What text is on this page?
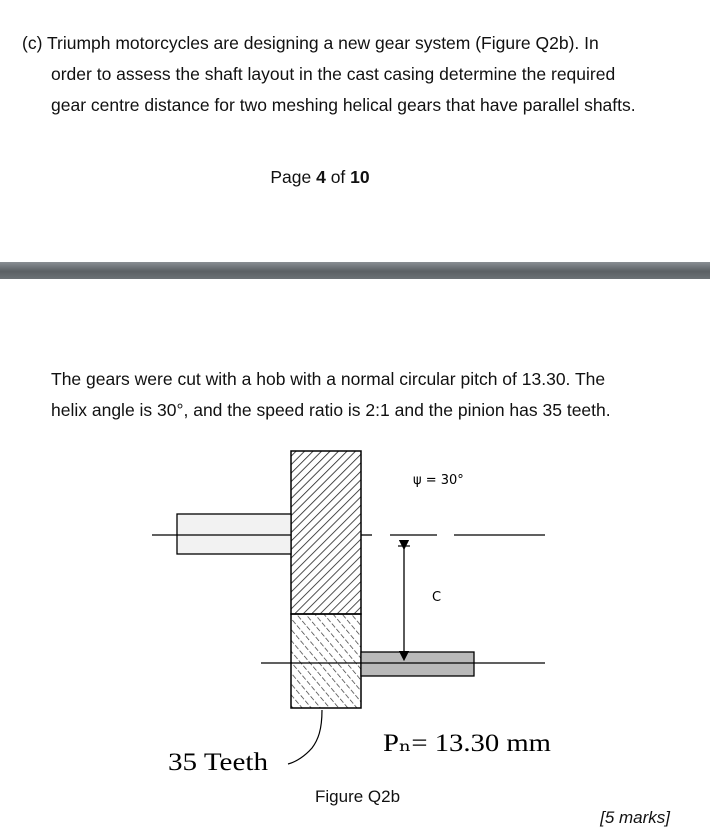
(c) Triumph motorcycles are designing a new gear system (Figure Q2b). In
order to assess the shaft layout in the cast casing determine the required
gear centre distance for two meshing helical gears that have parallel shafts.
Page 4 of 10
The gears were cut with a hob with a normal circular pitch of 13.30. The
helix angle is 30°, and the speed ratio is 2:1 and the pinion has 35 teeth.
ψ = 30°
C
Pₙ= 13.30 mm
35 Teeth
Figure Q2b
[5 marks]
